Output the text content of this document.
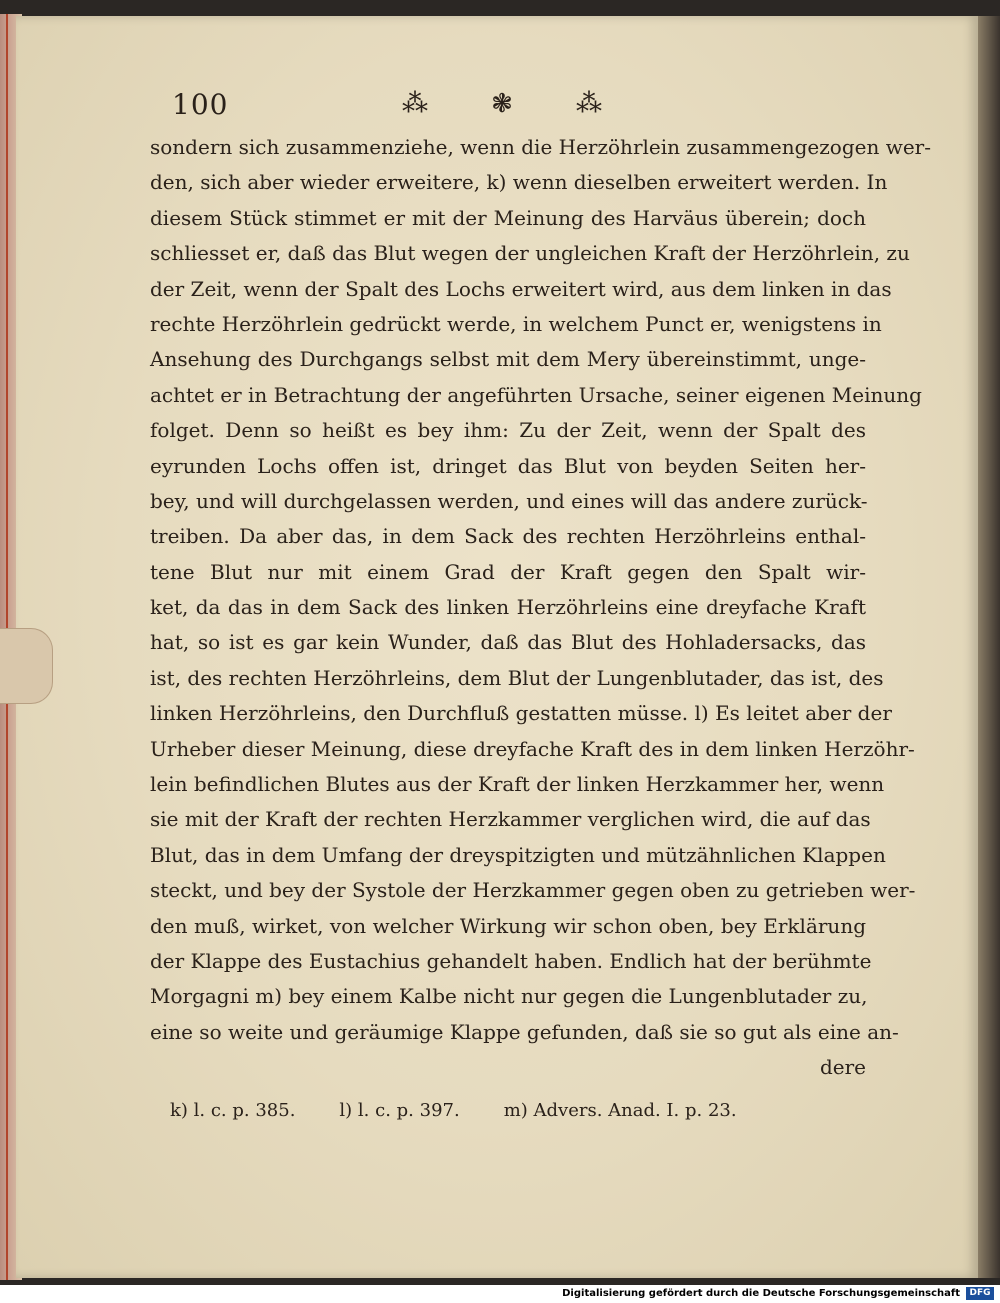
100	⁂ ❃ ⁂
sondern sich zusammenziehe, wenn die Herzöhrlein zusammengezogen wer-
den, sich aber wieder erweitere, k) wenn dieselben erweitert werden. In
diesem Stück stimmet er mit der Meinung des Harväus überein; doch
schliesset er, daß das Blut wegen der ungleichen Kraft der Herzöhrlein, zu
der Zeit, wenn der Spalt des Lochs erweitert wird, aus dem linken in das
rechte Herzöhrlein gedrückt werde, in welchem Punct er, wenigstens in
Ansehung des Durchgangs selbst mit dem Mery übereinstimmt, unge-
achtet er in Betrachtung der angeführten Ursache, seiner eigenen Meinung
folget. Denn so heißt es bey ihm: Zu der Zeit, wenn der Spalt des
eyrunden Lochs offen ist, dringet das Blut von beyden Seiten her-
bey, und will durchgelassen werden, und eines will das andere zurück-
treiben. Da aber das, in dem Sack des rechten Herzöhrleins enthal-
tene Blut nur mit einem Grad der Kraft gegen den Spalt wir-
ket, da das in dem Sack des linken Herzöhrleins eine dreyfache Kraft
hat, so ist es gar kein Wunder, daß das Blut des Hohladersacks, das
ist, des rechten Herzöhrleins, dem Blut der Lungenblutader, das ist, des
linken Herzöhrleins, den Durchfluß gestatten müsse. l) Es leitet aber der
Urheber dieser Meinung, diese dreyfache Kraft des in dem linken Herzöhr-
lein befindlichen Blutes aus der Kraft der linken Herzkammer her, wenn
sie mit der Kraft der rechten Herzkammer verglichen wird, die auf das
Blut, das in dem Umfang der dreyspitzigten und mützähnlichen Klappen
steckt, und bey der Systole der Herzkammer gegen oben zu getrieben wer-
den muß, wirket, von welcher Wirkung wir schon oben, bey Erklärung
der Klappe des Eustachius gehandelt haben. Endlich hat der berühmte
Morgagni m) bey einem Kalbe nicht nur gegen die Lungenblutader zu,
eine so weite und geräumige Klappe gefunden, daß sie so gut als eine an-
dere
k) l. c. p. 385. l) l. c. p. 397. m) Advers. Anad. I. p. 23.
Digitalisierung gefördert durch die Deutsche Forschungsgemeinschaft	DFG
